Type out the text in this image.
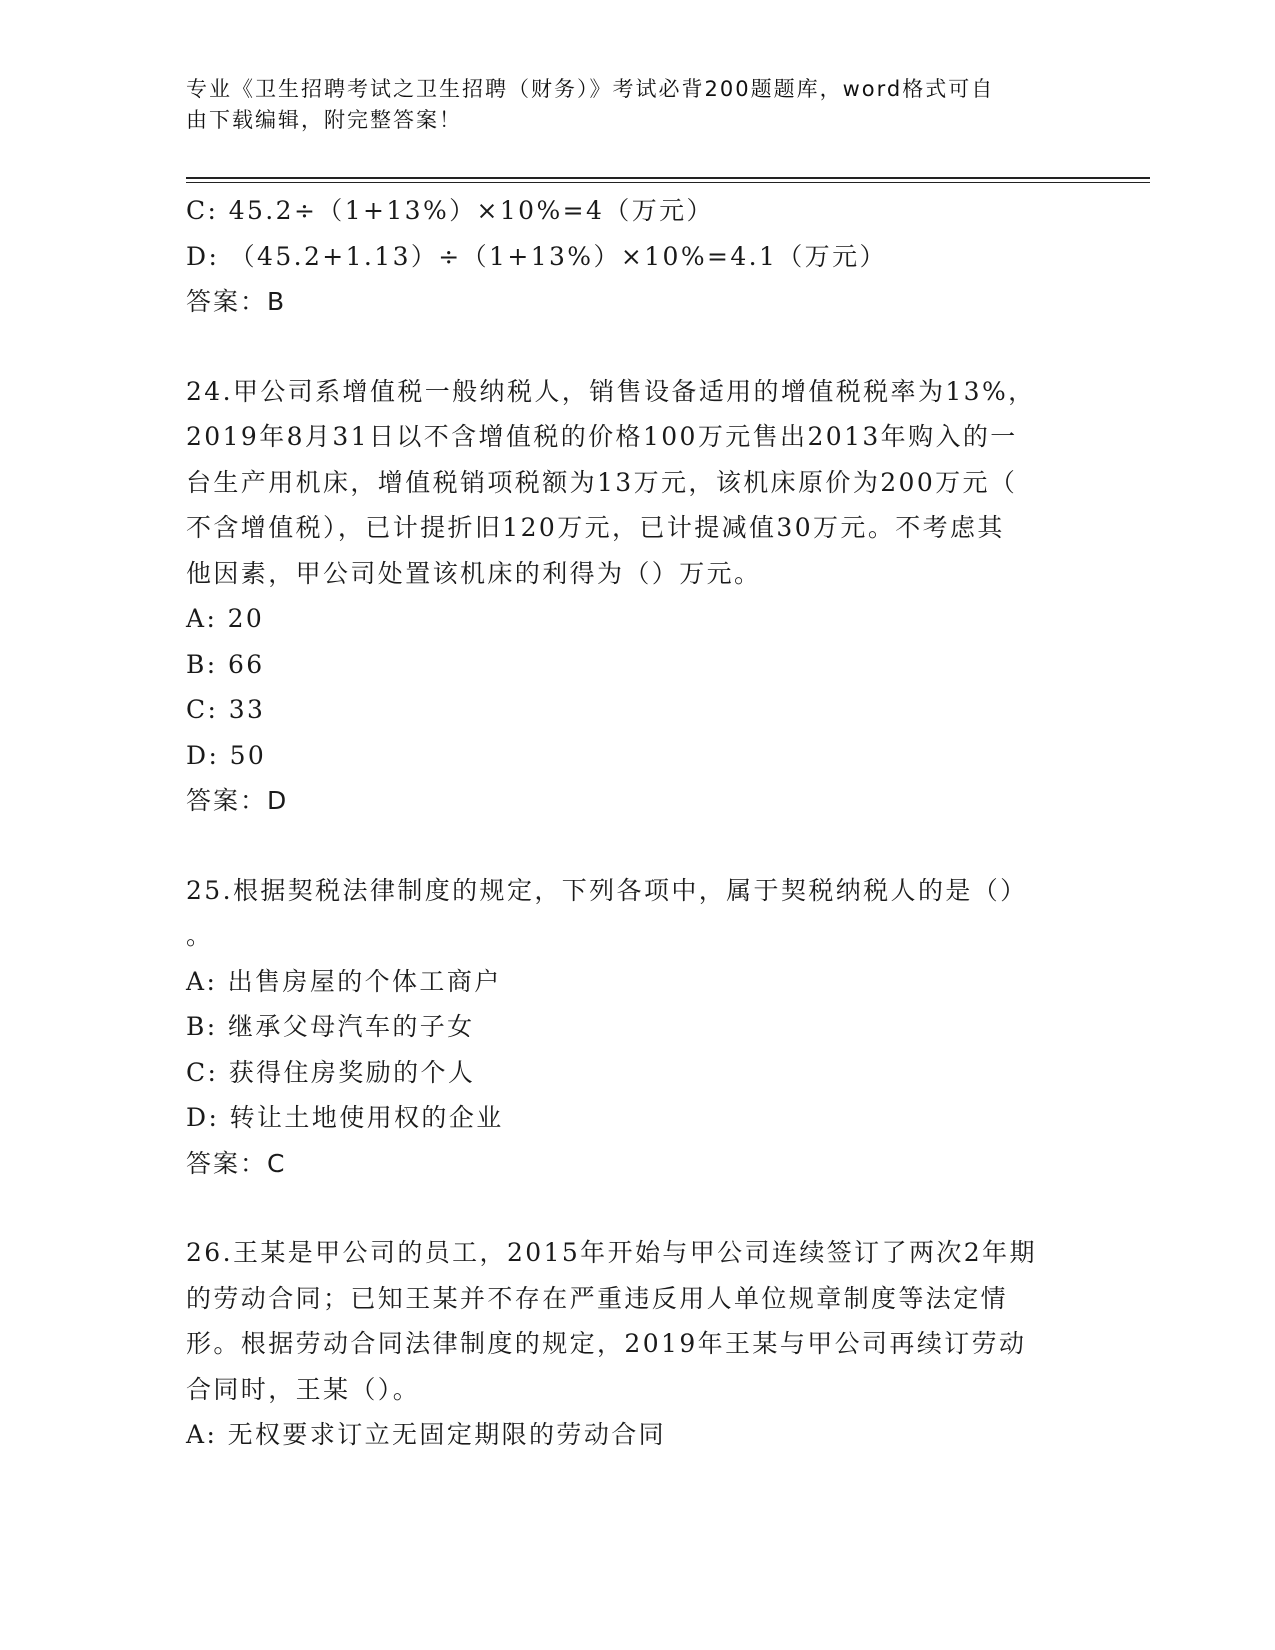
专业《卫生招聘考试之卫生招聘（财务）》考试必背200题题库，word格式可自
由下载编辑，附完整答案！

C: 45.2÷（1+13%）×10%=4（万元）

D: （45.2+1.13）÷（1+13%）×10%=4.1（万元）

答案：B

24.甲公司系增值税一般纳税人，销售设备适用的增值税税率为13%，

2019年8月31日以不含增值税的价格100万元售出2013年购入的一

台生产用机床，增值税销项税额为13万元，该机床原价为200万元（

不含增值税），已计提折旧120万元，已计提减值30万元。不考虑其

他因素，甲公司处置该机床的利得为（）万元。

A: 20

B: 66

C: 33

D: 50

答案：D

25.根据契税法律制度的规定，下列各项中，属于契税纳税人的是（）

。

A: 出售房屋的个体工商户

B: 继承父母汽车的子女

C: 获得住房奖励的个人

D: 转让土地使用权的企业

答案：C

26.王某是甲公司的员工，2015年开始与甲公司连续签订了两次2年期

的劳动合同；已知王某并不存在严重违反用人单位规章制度等法定情

形。根据劳动合同法律制度的规定，2019年王某与甲公司再续订劳动

合同时，王某（）。

A: 无权要求订立无固定期限的劳动合同
